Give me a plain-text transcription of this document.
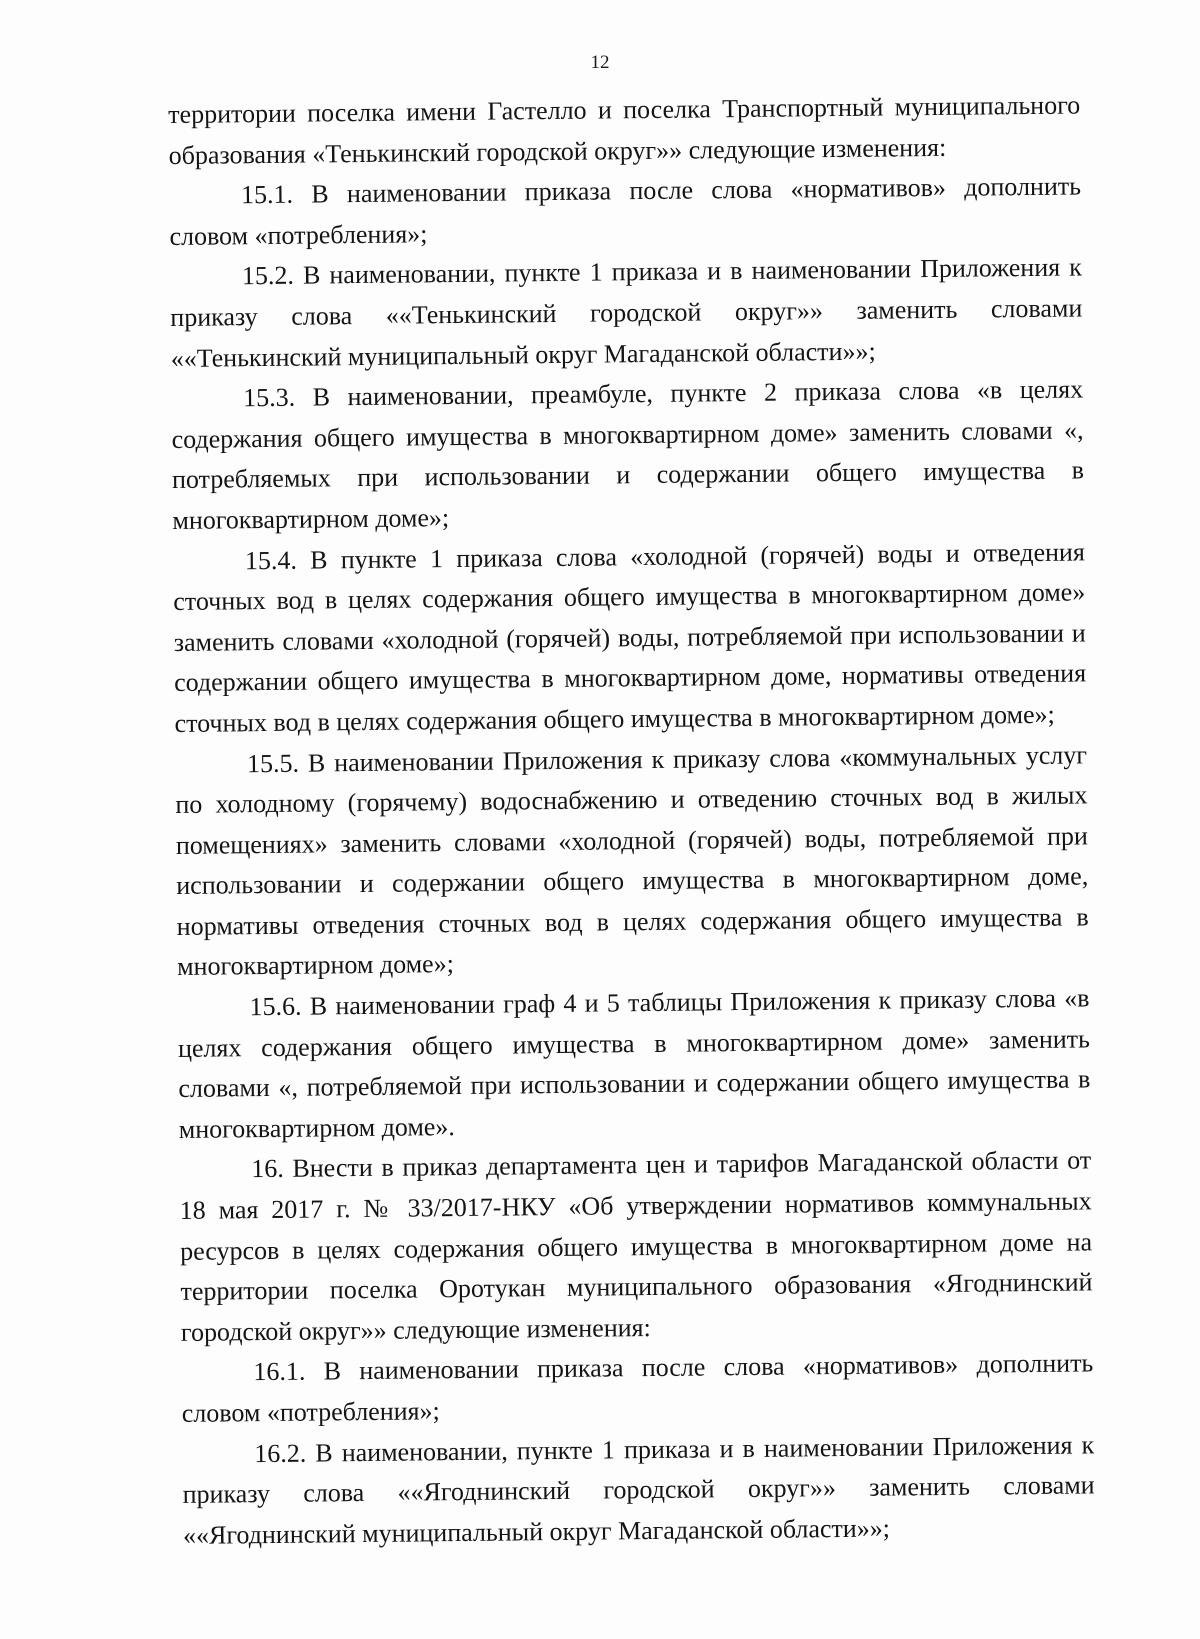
12

территории поселка имени Гастелло и поселка Транспортный муниципального образования «Тенькинский городской округ»» следующие изменения:

15.1. В наименовании приказа после слова «нормативов» дополнить словом «потребления»;

15.2. В наименовании, пункте 1 приказа и в наименовании Приложения к приказу слова ««Тенькинский городской округ»» заменить словами ««Тенькинский муниципальный округ Магаданской области»»;

15.3. В наименовании, преамбуле, пункте 2 приказа слова «в целях содержания общего имущества в многоквартирном доме» заменить словами «, потребляемых при использовании и содержании общего имущества в многоквартирном доме»;

15.4. В пункте 1 приказа слова «холодной (горячей) воды и отведения сточных вод в целях содержания общего имущества в многоквартирном доме» заменить словами «холодной (горячей) воды, потребляемой при использовании и содержании общего имущества в многоквартирном доме, нормативы отведения сточных вод в целях содержания общего имущества в многоквартирном доме»;

15.5. В наименовании Приложения к приказу слова «коммунальных услуг по холодному (горячему) водоснабжению и отведению сточных вод в жилых помещениях» заменить словами «холодной (горячей) воды, потребляемой при использовании и содержании общего имущества в многоквартирном доме, нормативы отведения сточных вод в целях содержания общего имущества в многоквартирном доме»;

15.6. В наименовании граф 4 и 5 таблицы Приложения к приказу слова «в целях содержания общего имущества в многоквартирном доме» заменить словами «, потребляемой при использовании и содержании общего имущества в многоквартирном доме».

16. Внести в приказ департамента цен и тарифов Магаданской области от 18 мая 2017 г. № 33/2017-НКУ «Об утверждении нормативов коммунальных ресурсов в целях содержания общего имущества в многоквартирном доме на территории поселка Оротукан муниципального образования «Ягоднинский городской округ»» следующие изменения:

16.1. В наименовании приказа после слова «нормативов» дополнить словом «потребления»;

16.2. В наименовании, пункте 1 приказа и в наименовании Приложения к приказу слова ««Ягоднинский городской округ»» заменить словами ««Ягоднинский муниципальный округ Магаданской области»»;
